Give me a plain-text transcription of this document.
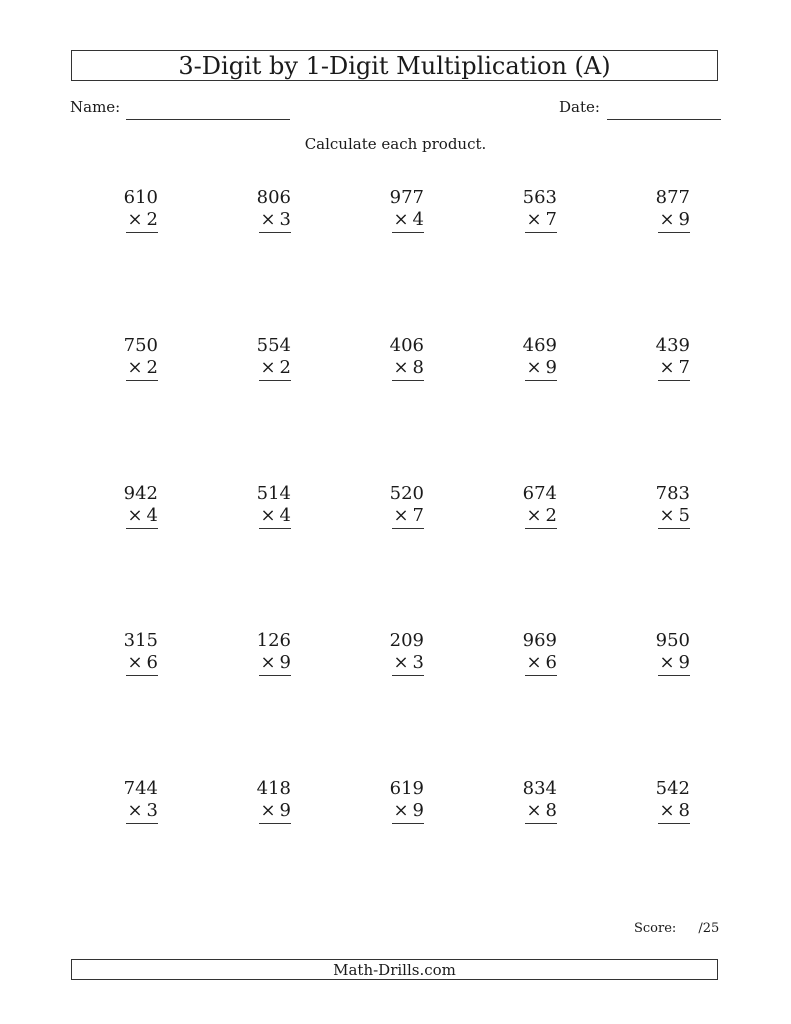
3-Digit by 1-Digit Multiplication (A)
Name:	Date:
Calculate each product.
610
× 2
806
× 3
977
× 4
563
× 7
877
× 9
750
× 2
554
× 2
406
× 8
469
× 9
439
× 7
942
× 4
514
× 4
520
× 7
674
× 2
783
× 5
315
× 6
126
× 9
209
× 3
969
× 6
950
× 9
744
× 3
418
× 9
619
× 9
834
× 8
542
× 8
Score: /25
Math-Drills.com
